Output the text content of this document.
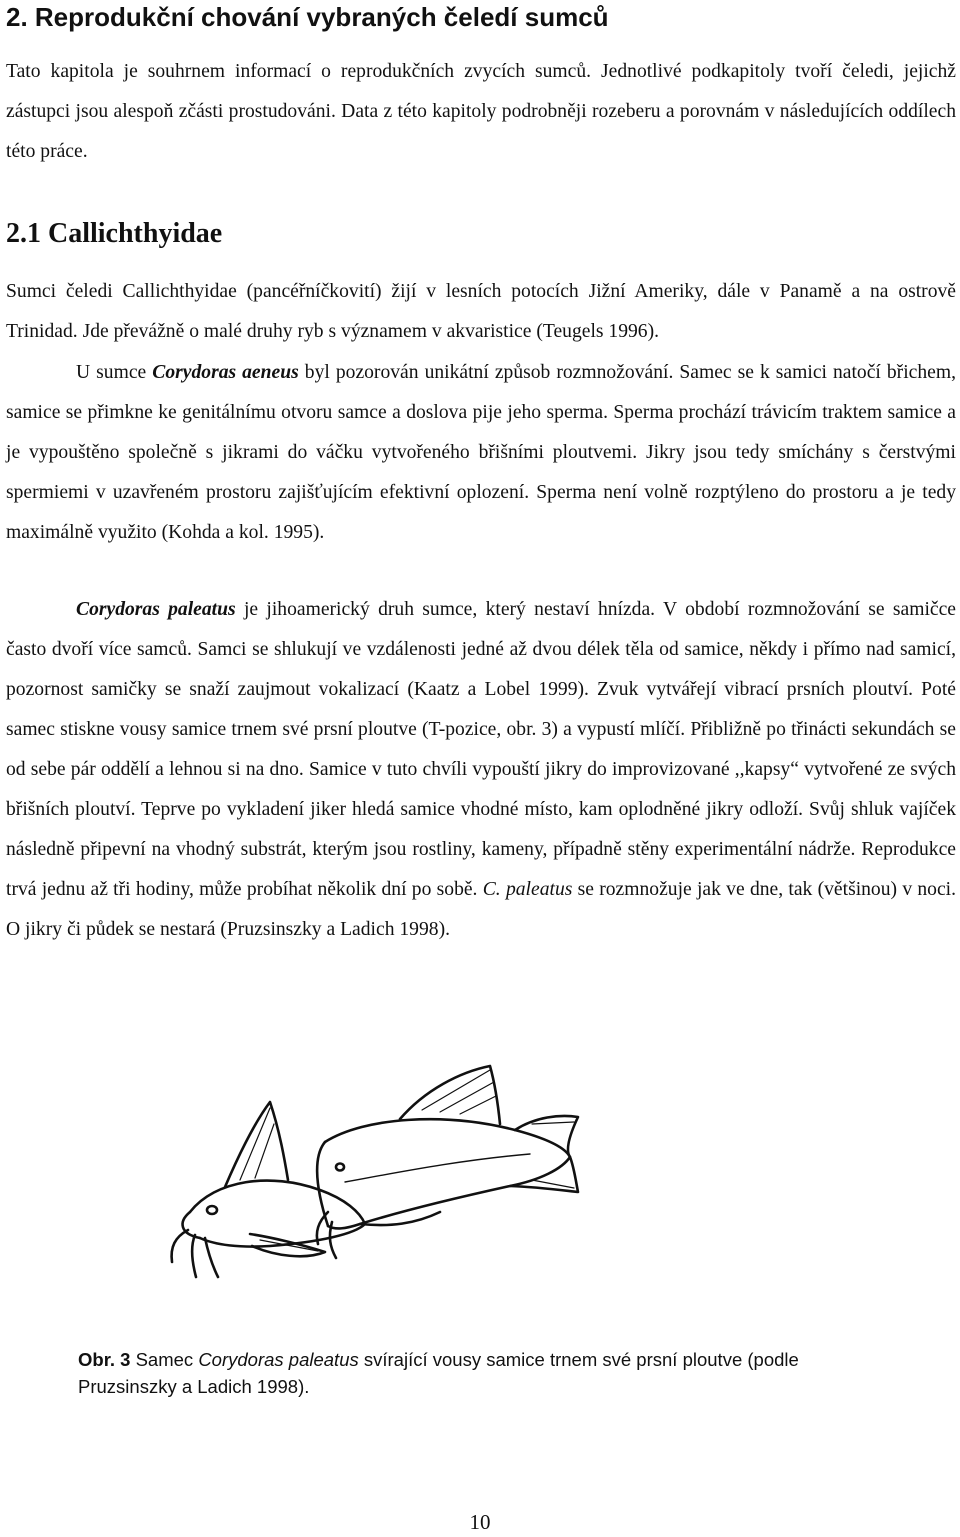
2. Reprodukční chování vybraných čeledí sumců

Tato kapitola je souhrnem informací o reprodukčních zvycích sumců. Jednotlivé podkapitoly tvoří čeledi, jejichž zástupci jsou alespoň zčásti prostudováni. Data z této kapitoly podrobněji rozeberu a porovnám v následujících oddílech této práce.

2.1 Callichthyidae

Sumci čeledi Callichthyidae (pancéřníčkovití) žijí v lesních potocích Jižní Ameriky, dále v Panamě a na ostrově Trinidad. Jde převážně o malé druhy ryb s významem v akvaristice (Teugels 1996).

U sumce Corydoras aeneus byl pozorován unikátní způsob rozmnožování. Samec se k samici natočí břichem, samice se přimkne ke genitálnímu otvoru samce a doslova pije jeho sperma. Sperma prochází trávicím traktem samice a je vypouštěno společně s jikrami do váčku vytvořeného břišními ploutvemi. Jikry jsou tedy smíchány s čerstvými spermiemi v uzavřeném prostoru zajišťujícím efektivní oplození. Sperma není volně rozptýleno do prostoru a je tedy maximálně využito (Kohda a kol. 1995).

Corydoras paleatus je jihoamerický druh sumce, který nestaví hnízda. V období rozmnožování se samičce často dvoří více samců. Samci se shlukují ve vzdálenosti jedné až dvou délek těla od samice, někdy i přímo nad samicí, pozornost samičky se snaží zaujmout vokalizací (Kaatz a Lobel 1999). Zvuk vytvářejí vibrací prsních ploutví. Poté samec stiskne vousy samice trnem své prsní ploutve (T-pozice, obr. 3) a vypustí mlíčí. Přibližně po třinácti sekundách se od sebe pár oddělí a lehnou si na dno. Samice v tuto chvíli vypouští jikry do improvizované ,,kapsy“ vytvořené ze svých břišních ploutví. Teprve po vykladení jiker hledá samice vhodné místo, kam oplodněné jikry odloží. Svůj shluk vajíček následně připevní na vhodný substrát, kterým jsou rostliny, kameny, případně stěny experimentální nádrže. Reprodukce trvá jednu až tři hodiny, může probíhat několik dní po sobě. C. paleatus se rozmnožuje jak ve dne, tak (většinou) v noci. O jikry či půdek se nestará (Pruzsinszky a Ladich 1998).

Obr. 3 Samec Corydoras paleatus svírající vousy samice trnem své prsní ploutve (podle Pruzsinszky a Ladich 1998).

10
